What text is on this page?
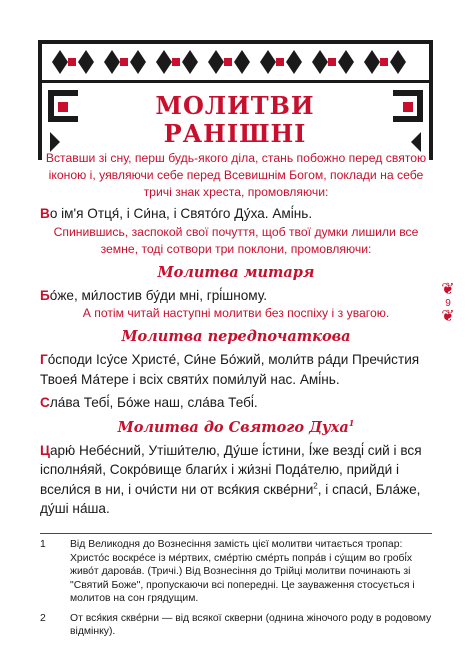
МОЛИТВИ
РАНІШНІ

Вставши зі сну, перш будь-якого діла, стань побожно перед святою іконою і, уявляючи себе перед Всевишнім Богом, поклади на себе тричі знак хреста, промовляючи:

Во ім'я Отця́, і Си́на, і Свято́го Ду́ха. Амі́нь.

Спинившись, заспокой свої почуття, щоб твої думки лишили все земне, тоді сотвори три поклони, промовляючи:

Молитва митаря

Бо́же, ми́лостив бу́ди мні, грі́шному.

А потім читай наступні молитви без поспіху і з увагою.

Молитва передпочаткова

Го́споди Ісу́се Христе́, Си́не Бо́жий, моли́тв ра́ди Пречи́стия Твоея́ Ма́тере і всіх святи́х поми́луй нас. Амі́нь.

Сла́ва Тебі́, Бо́же наш, сла́ва Тебі́.

Молитва до Святого Духа$^1$

Царю́ Небе́сний, Утіши́телю, Ду́ше і́стини, І́же везді́ сий і вся ісполня́яй, Сокро́вище благи́х і жи́зні Пода́телю, прийди́ і всели́ся в ни, і очи́сти ни от вся́кия скве́рни$^2$, і спаси́, Бла́же, ду́ші на́ша.

1	Від Великодня до Вознесіння замість цієї молитви читається тропар: Христо́с воскре́се із ме́ртвих, сме́ртію сме́рть попра́в і су́щим во гробі́х живо́т дарова́в. (Тричі.) Від Вознесіння до Трійці молитви починають зі "Святий Боже", пропускаючи всі попередні. Це зауваження стосується і молитов на сон грядущим.
2	От вся́кия скве́рни — від всякої скверни (однина жіночого роду в родовому відмінку).
❦
9
❦
